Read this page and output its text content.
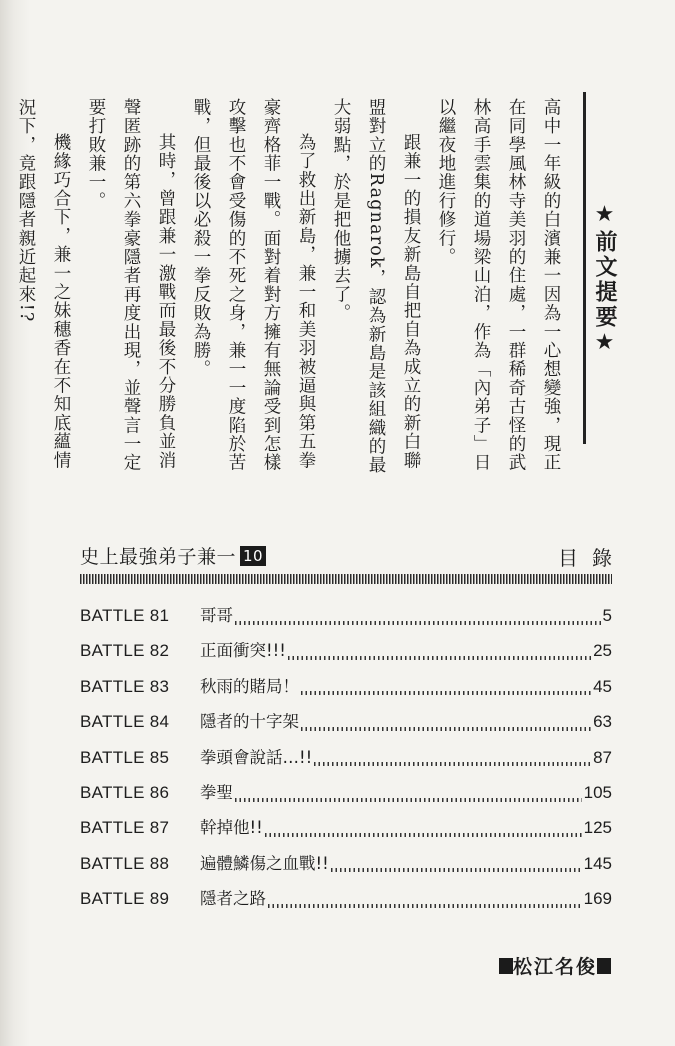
★前文提要★

高中一年級的白濱兼一因為一心想變強，現正在同學風林寺美羽的住處，一群稀奇古怪的武林高手雲集的道場梁山泊，作為「內弟子」日以繼夜地進行修行。

跟兼一的損友新島自把自為成立的新白聯盟對立的Ragnarok，認為新島是該組織的最大弱點，於是把他擄去了。

為了救出新島，兼一和美羽被逼與第五拳豪齊格菲一戰。面對着對方擁有無論受到怎樣攻擊也不會受傷的不死之身，兼一一度陷於苦戰，但最後以必殺一拳反敗為勝。

其時，曾跟兼一激戰而最後不分勝負並消聲匿跡的第六拳豪隱者再度出現，並聲言一定要打敗兼一。

機緣巧合下，兼一之妹穗香在不知底蘊情況下，竟跟隱者親近起來!?

史上最強弟子兼一 10	目錄
BATTLE 81	哥哥	5
BATTLE 82	正面衝突!!!	25
BATTLE 83	秋雨的賭局！	45
BATTLE 84	隱者的十字架	63
BATTLE 85	拳頭會說話…!!	87
BATTLE 86	拳聖	105
BATTLE 87	幹掉他!!	125
BATTLE 88	遍體鱗傷之血戰!!	145
BATTLE 89	隱者之路	169
松江名俊
